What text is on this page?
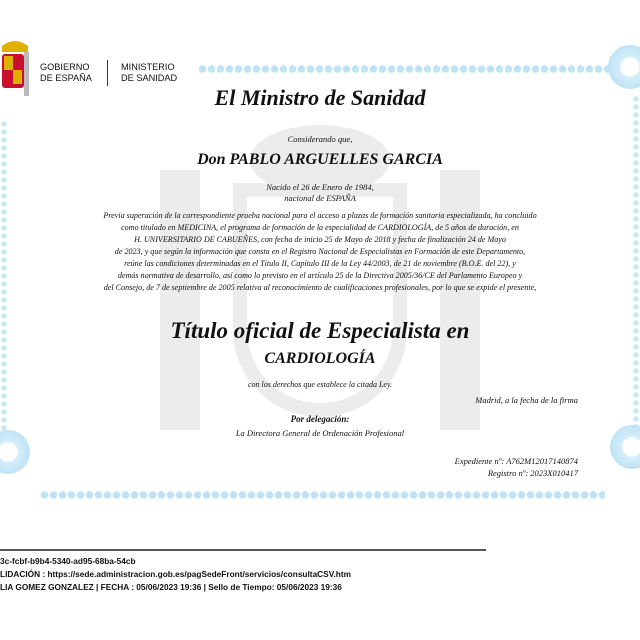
GOBIERNO
DE ESPAÑA
MINISTERIO
DE SANIDAD
El Ministro de Sanidad
Considerando que,
Don PABLO ARGUELLES GARCIA
Nacido el 26 de Enero de 1984,
nacional de ESPAÑA
Previa superación de la correspondiente prueba nacional para el acceso a plazas de formación sanitaria especializada, ha concluido
como titulado en MEDICINA, el programa de formación de la especialidad de CARDIOLOGÍA, de 5 años de duración, en
H. UNIVERSITARIO DE CABUEÑES, con fecha de inicio 25 de Mayo de 2018 y fecha de finalización 24 de Mayo
de 2023, y que según la información que consta en el Registro Nacional de Especialistas en Formación de este Departamento,
reúne las condiciones determinadas en el Título II, Capítulo III de la Ley 44/2003, de 21 de noviembre (B.O.E. del 22), y
demás normativa de desarrollo, así como lo previsto en el artículo 25 de la Directiva 2005/36/CE del Parlamento Europeo y
del Consejo, de 7 de septiembre de 2005 relativa al reconocimiento de cualificaciones profesionales, por lo que se expide el presente,
Título oficial de Especialista en
CARDIOLOGÍA
con los derechos que establece la citada Ley.
Madrid, a la fecha de la firma
Por delegación:
La Directora General de Ordenación Profesional
Expediente nº: A762M12017140874
Registro nº: 2023X010417
3c-fcbf-b9b4-5340-ad95-68ba-54cb
LIDACIÓN : https://sede.administracion.gob.es/pagSedeFront/servicios/consultaCSV.htm
LIA GOMEZ GONZALEZ | FECHA : 05/06/2023 19:36 | Sello de Tiempo: 05/06/2023 19:36
